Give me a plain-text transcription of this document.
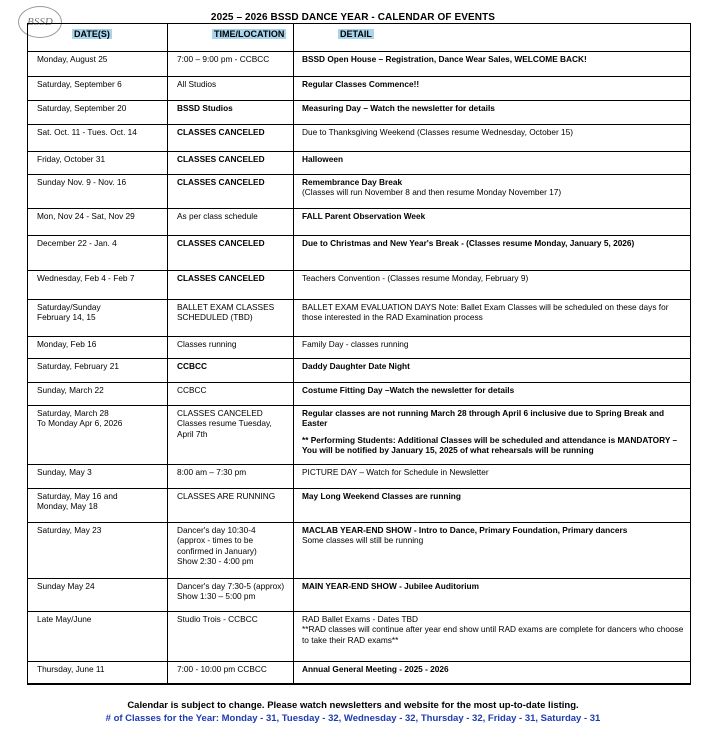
BSSD	2025 – 2026 BSSD DANCE YEAR - CALENDAR OF EVENTS
DATE(S)	TIME/LOCATION	DETAIL

Monday, August 25	7:00 – 9:00 pm - CCBCC	BSSD Open House – Registration, Dance Wear Sales, WELCOME BACK!

Saturday, September 6	All Studios	Regular Classes Commence!!

Saturday, September 20	BSSD Studios	Measuring Day – Watch the newsletter for details

Sat. Oct. 11 - Tues. Oct. 14	CLASSES CANCELED	Due to Thanksgiving Weekend (Classes resume Wednesday, October 15)

Friday, October 31	CLASSES CANCELED	Halloween

Sunday Nov. 9 - Nov. 16	CLASSES CANCELED	Remembrance Day Break
(Classes will run November 8 and then resume Monday November 17)

Mon, Nov 24 - Sat, Nov 29	As per class schedule	FALL Parent Observation Week

December 22 - Jan. 4	CLASSES CANCELED	Due to Christmas and New Year's Break - (Classes resume Monday, January 5, 2026)

Wednesday, Feb 4 - Feb 7	CLASSES CANCELED	Teachers Convention - (Classes resume Monday, February 9)

Saturday/Sunday
February 14, 15	BALLET EXAM CLASSES
SCHEDULED (TBD)	BALLET EXAM EVALUATION DAYS Note: Ballet Exam Classes will be scheduled on these days for those interested in the RAD Examination process

Monday, Feb 16	Classes running	Family Day - classes running

Saturday, February 21	CCBCC	Daddy Daughter Date Night

Sunday, March 22	CCBCC	Costume Fitting Day –Watch the newsletter for details

Saturday, March 28
To Monday Apr 6, 2026	CLASSES CANCELED Classes resume Tuesday, April 7th	Regular classes are not running March 28 through April 6 inclusive due to Spring Break and Easter
** Performing Students: Additional Classes will be scheduled and attendance is MANDATORY – You will be notified by January 15, 2025 of what rehearsals will be running

Sunday, May 3	8:00 am – 7:30 pm	PICTURE DAY – Watch for Schedule in Newsletter

Saturday, May 16 and
Monday, May 18	CLASSES ARE RUNNING	May Long Weekend Classes are running

Saturday, May 23	Dancer's day 10:30-4
(approx - times to be
confirmed in January)
Show 2:30 - 4:00 pm	MACLAB YEAR-END SHOW - Intro to Dance, Primary Foundation, Primary dancers
Some classes will still be running

Sunday May 24	Dancer's day 7:30-5 (approx)
Show 1:30 – 5:00 pm	MAIN YEAR-END SHOW - Jubilee Auditorium

Late May/June	Studio Trois - CCBCC	RAD Ballet Exams - Dates TBD
**RAD classes will continue after year end show until RAD exams are complete for dancers who choose to take their RAD exams**

Thursday, June 11	7:00 - 10:00 pm CCBCC	Annual General Meeting - 2025 - 2026
Calendar is subject to change. Please watch newsletters and website for the most up-to-date listing.
# of Classes for the Year: Monday - 31, Tuesday - 32, Wednesday - 32, Thursday - 32, Friday - 31, Saturday - 31
